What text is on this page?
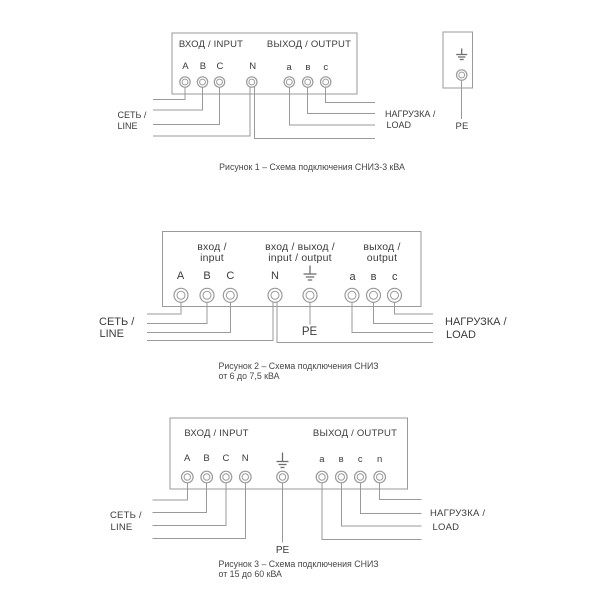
ВХОД / INPUT ВЫХОД / OUTPUT
A B C	N	а в с
СЕТЬ /
LINE
НАГРУЗКА /
LOAD	PE
Рисунок 1 – Схема подключения СНИЗ-3 кВА
вход /
input
вход / выход /
input / output
выход /
output
A B C	N	а в с
СЕТЬ /
LINE
НАГРУЗКА /
LOAD
PE
Рисунок 2 – Схема подключения СНИЗ
от 6 до 7,5 кВА
ВХОД / INPUT	ВЫХОД / OUTPUT
A B C N	а в с n
СЕТЬ /
LINE
НАГРУЗКА /
LOAD
PE
Рисунок 3 – Схема подключения СНИЗ
от 15 до 60 кВА
